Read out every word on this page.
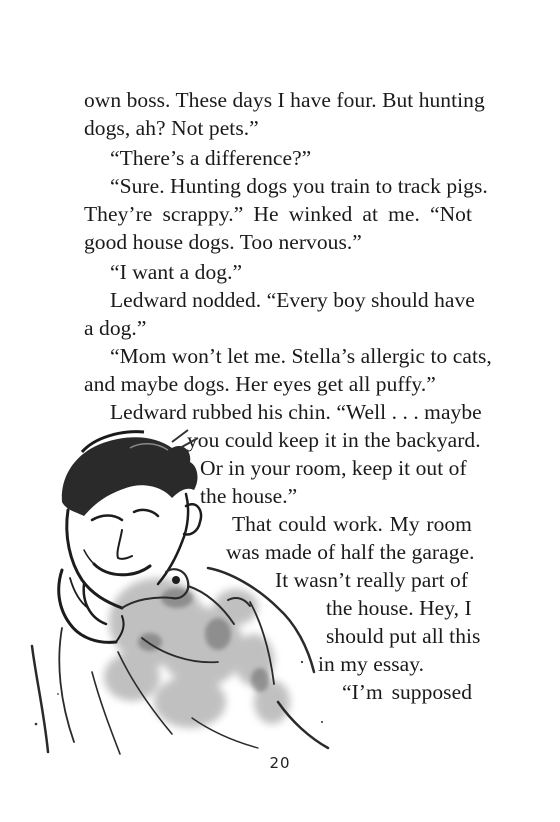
own boss. These days I have four. But hunting
dogs, ah? Not pets.”
“There’s a difference?”
“Sure. Hunting dogs you train to track pigs.
They’re scrappy.” He winked at me. “Not
good house dogs. Too nervous.”
“I want a dog.”
Ledward nodded. “Every boy should have
a dog.”
“Mom won’t let me. Stella’s allergic to cats,
and maybe dogs. Her eyes get all puffy.”
Ledward rubbed his chin. “Well . . . maybe
you could keep it in the backyard.
Or in your room, keep it out of
the house.”
That could work. My room
was made of half the garage.
It wasn’t really part of
the house. Hey, I
should put all this
in my essay.
“I’m supposed
20
